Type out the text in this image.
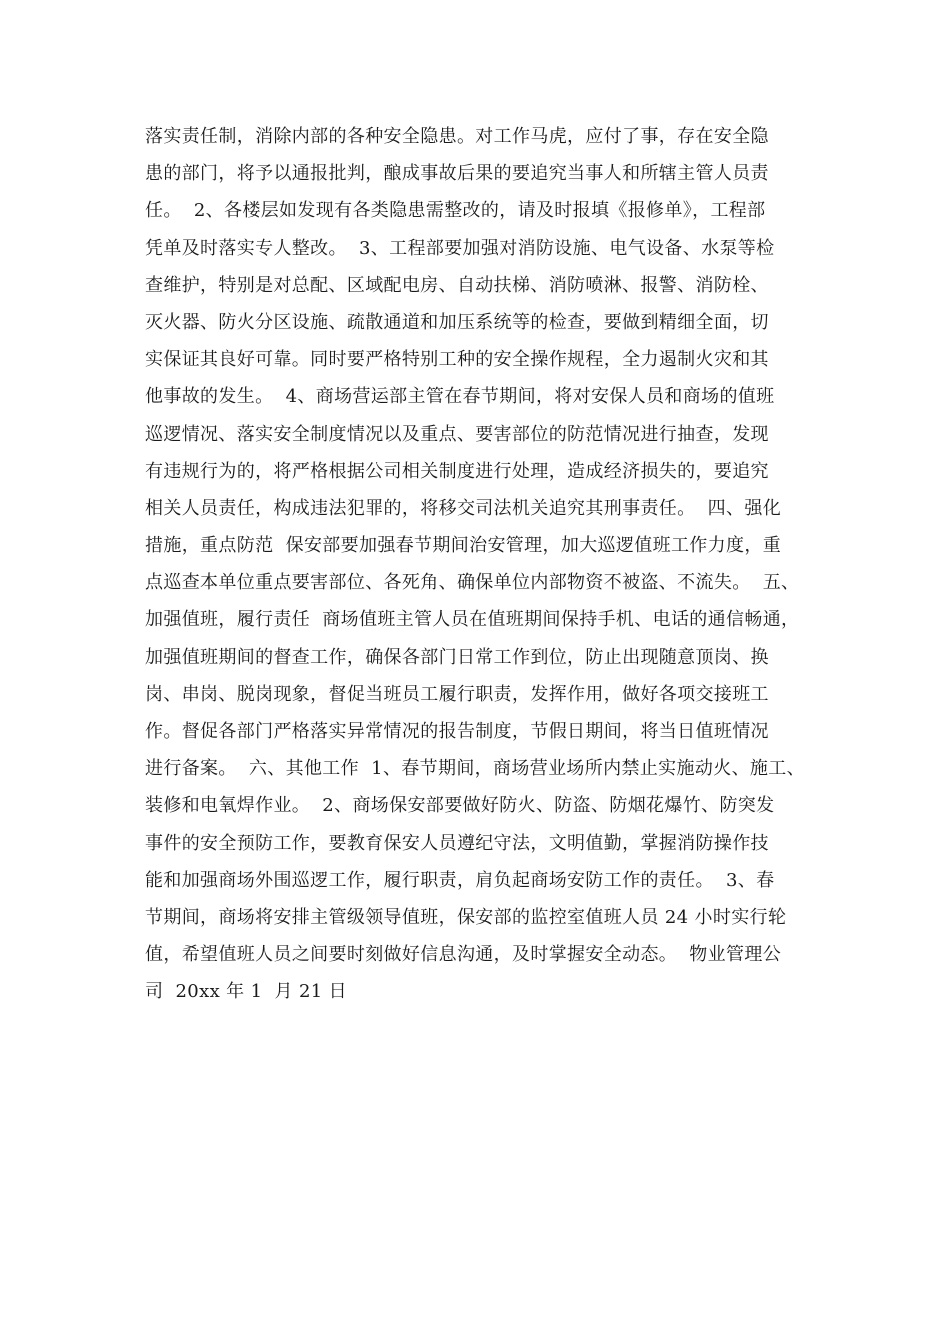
落实责任制，消除内部的各种安全隐患。对工作马虎，应付了事，存在安全隐
患的部门，将予以通报批判，酿成事故后果的要追究当事人和所辖主管人员责
任。  2、各楼层如发现有各类隐患需整改的，请及时报填《报修单》，工程部
凭单及时落实专人整改。  3、工程部要加强对消防设施、电气设备、水泵等检
查维护，特别是对总配、区域配电房、自动扶梯、消防喷淋、报警、消防栓、
灭火器、防火分区设施、疏散通道和加压系统等的检查，要做到精细全面，切
实保证其良好可靠。同时要严格特别工种的安全操作规程，全力遏制火灾和其
他事故的发生。  4、商场营运部主管在春节期间，将对安保人员和商场的值班
巡逻情况、落实安全制度情况以及重点、要害部位的防范情况进行抽查，发现
有违规行为的，将严格根据公司相关制度进行处理，造成经济损失的，要追究
相关人员责任，构成违法犯罪的，将移交司法机关追究其刑事责任。  四、强化
措施，重点防范  保安部要加强春节期间治安管理，加大巡逻值班工作力度，重
点巡查本单位重点要害部位、各死角、确保单位内部物资不被盗、不流失。  五、
加强值班，履行责任  商场值班主管人员在值班期间保持手机、电话的通信畅通，
加强值班期间的督查工作，确保各部门日常工作到位，防止出现随意顶岗、换
岗、串岗、脱岗现象，督促当班员工履行职责，发挥作用，做好各项交接班工
作。督促各部门严格落实异常情况的报告制度，节假日期间，将当日值班情况
进行备案。  六、其他工作  1、春节期间，商场营业场所内禁止实施动火、施工、
装修和电氧焊作业。  2、商场保安部要做好防火、防盗、防烟花爆竹、防突发
事件的安全预防工作，要教育保安人员遵纪守法，文明值勤，掌握消防操作技
能和加强商场外围巡逻工作，履行职责，肩负起商场安防工作的责任。  3、春
节期间，商场将安排主管级领导值班，保安部的监控室值班人员 24 小时实行轮
值，希望值班人员之间要时刻做好信息沟通，及时掌握安全动态。  物业管理公
司  20xx 年 1  月 21 日
